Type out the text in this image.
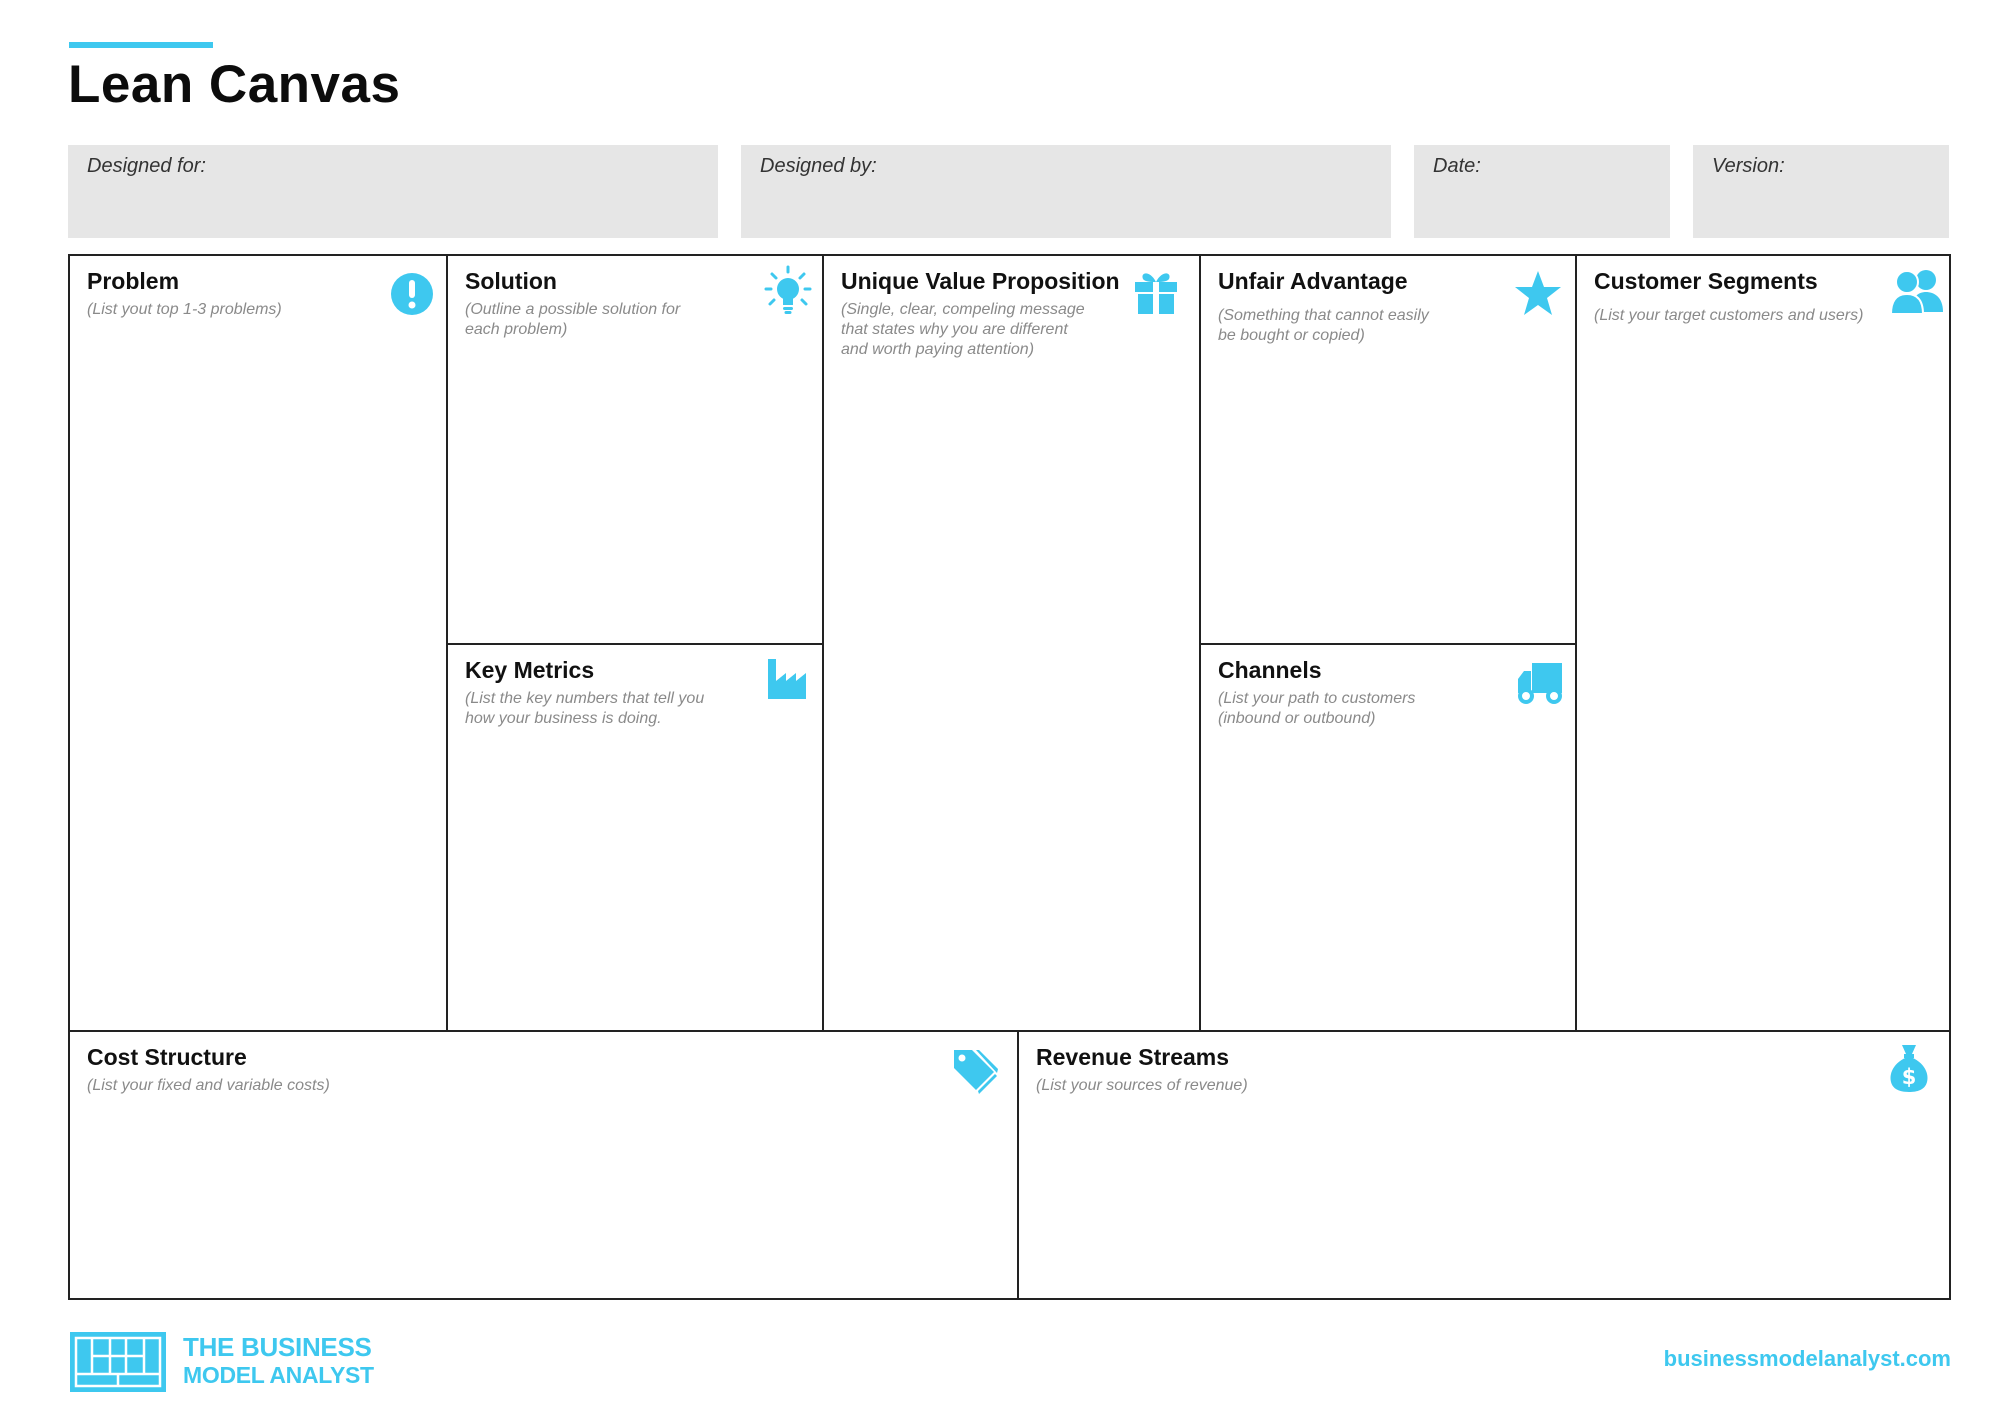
Lean Canvas
Designed for:	Designed by:	Date:	Version:
Problem

(List yout top 1-3 problems)

Solution

(Outline a possible solution for
each problem)

Key Metrics

(List the key numbers that tell you
how your business is doing.

Unique Value Proposition

(Single, clear, compeling message
that states why you are different
and worth paying attention)

Unfair Advantage

(Something that cannot easily
be bought or copied)

Channels

(List your path to customers
(inbound or outbound)

Customer Segments

(List your target customers and users)

Cost Structure

(List your fixed and variable costs)

Revenue Streams

(List your sources of revenue)	$
THE BUSINESS
MODEL ANALYST
businessmodelanalyst.com
